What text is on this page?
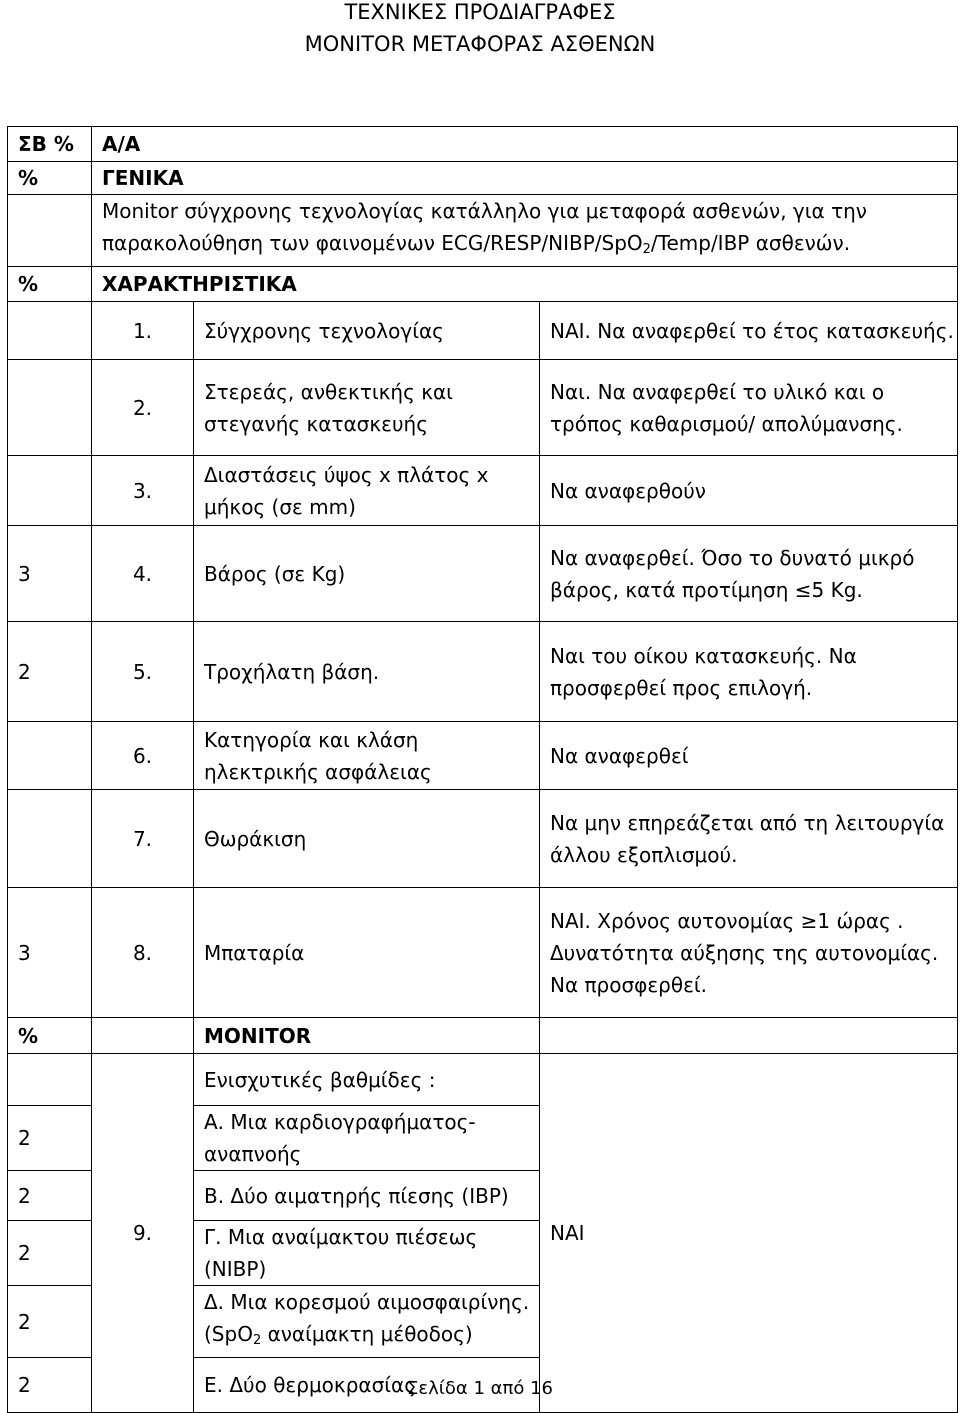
ΤΕΧΝΙΚΕΣ ΠΡΟΔΙΑΓΡΑΦΕΣ
MONITOR ΜΕΤΑΦΟΡΑΣ ΑΣΘΕΝΩΝ
ΣΒ %	Α/Α		
%	ΓΕΝΙΚΑ		
	Monitor σύγχρονης τεχνολογίας κατάλληλο για μεταφορά ασθενών, για την παρακολούθηση των φαινομένων ECG/RESP/NIBP/SpO$_2$/Temp/IBP ασθενών.		
%	ΧΑΡΑΚΤΗΡΙΣΤΙΚΑ		
	1.	Σύγχρονης τεχνολογίας	ΝΑΙ. Να αναφερθεί το έτος κατασκευής.
	2.	Στερεάς, ανθεκτικής και στεγανής κατασκευής	Ναι. Να αναφερθεί το υλικό και ο τρόπος καθαρισμού/ απολύμανσης.
	3.	Διαστάσεις ύψος x πλάτος x μήκος (σε mm)	Να αναφερθούν
3	4.	Βάρος (σε Kg)	Να αναφερθεί. Όσο το δυνατό μικρό βάρος, κατά προτίμηση ≤5 Kg.
2	5.	Τροχήλατη βάση.	Ναι του οίκου κατασκευής. Να προσφερθεί προς επιλογή.
	6.	Κατηγορία και κλάση ηλεκτρικής ασφάλειας	Να αναφερθεί
	7.	Θωράκιση	Να μην επηρεάζεται από τη λειτουργία άλλου εξοπλισμού.
3	8.	Μπαταρία	ΝΑΙ. Χρόνος αυτονομίας ≥1 ώρας . Δυνατότητα αύξησης της αυτονομίας. Να προσφερθεί.
%		MONITOR	
	9.	Ενισχυτικές βαθμίδες :	ΝΑΙ
2		Α. Μια καρδιογραφήματος-αναπνοής	
2		Β. Δύο αιματηρής πίεσης (IBP)	
2		Γ. Μια αναίμακτου πιέσεως (NIBP)	
2		Δ. Μια κορεσμού αιμοσφαιρίνης. (SpO$_2$ αναίμακτη μέθοδος)	
2		Ε. Δύο θερμοκρασίας	
Σελίδα 1 από 16
